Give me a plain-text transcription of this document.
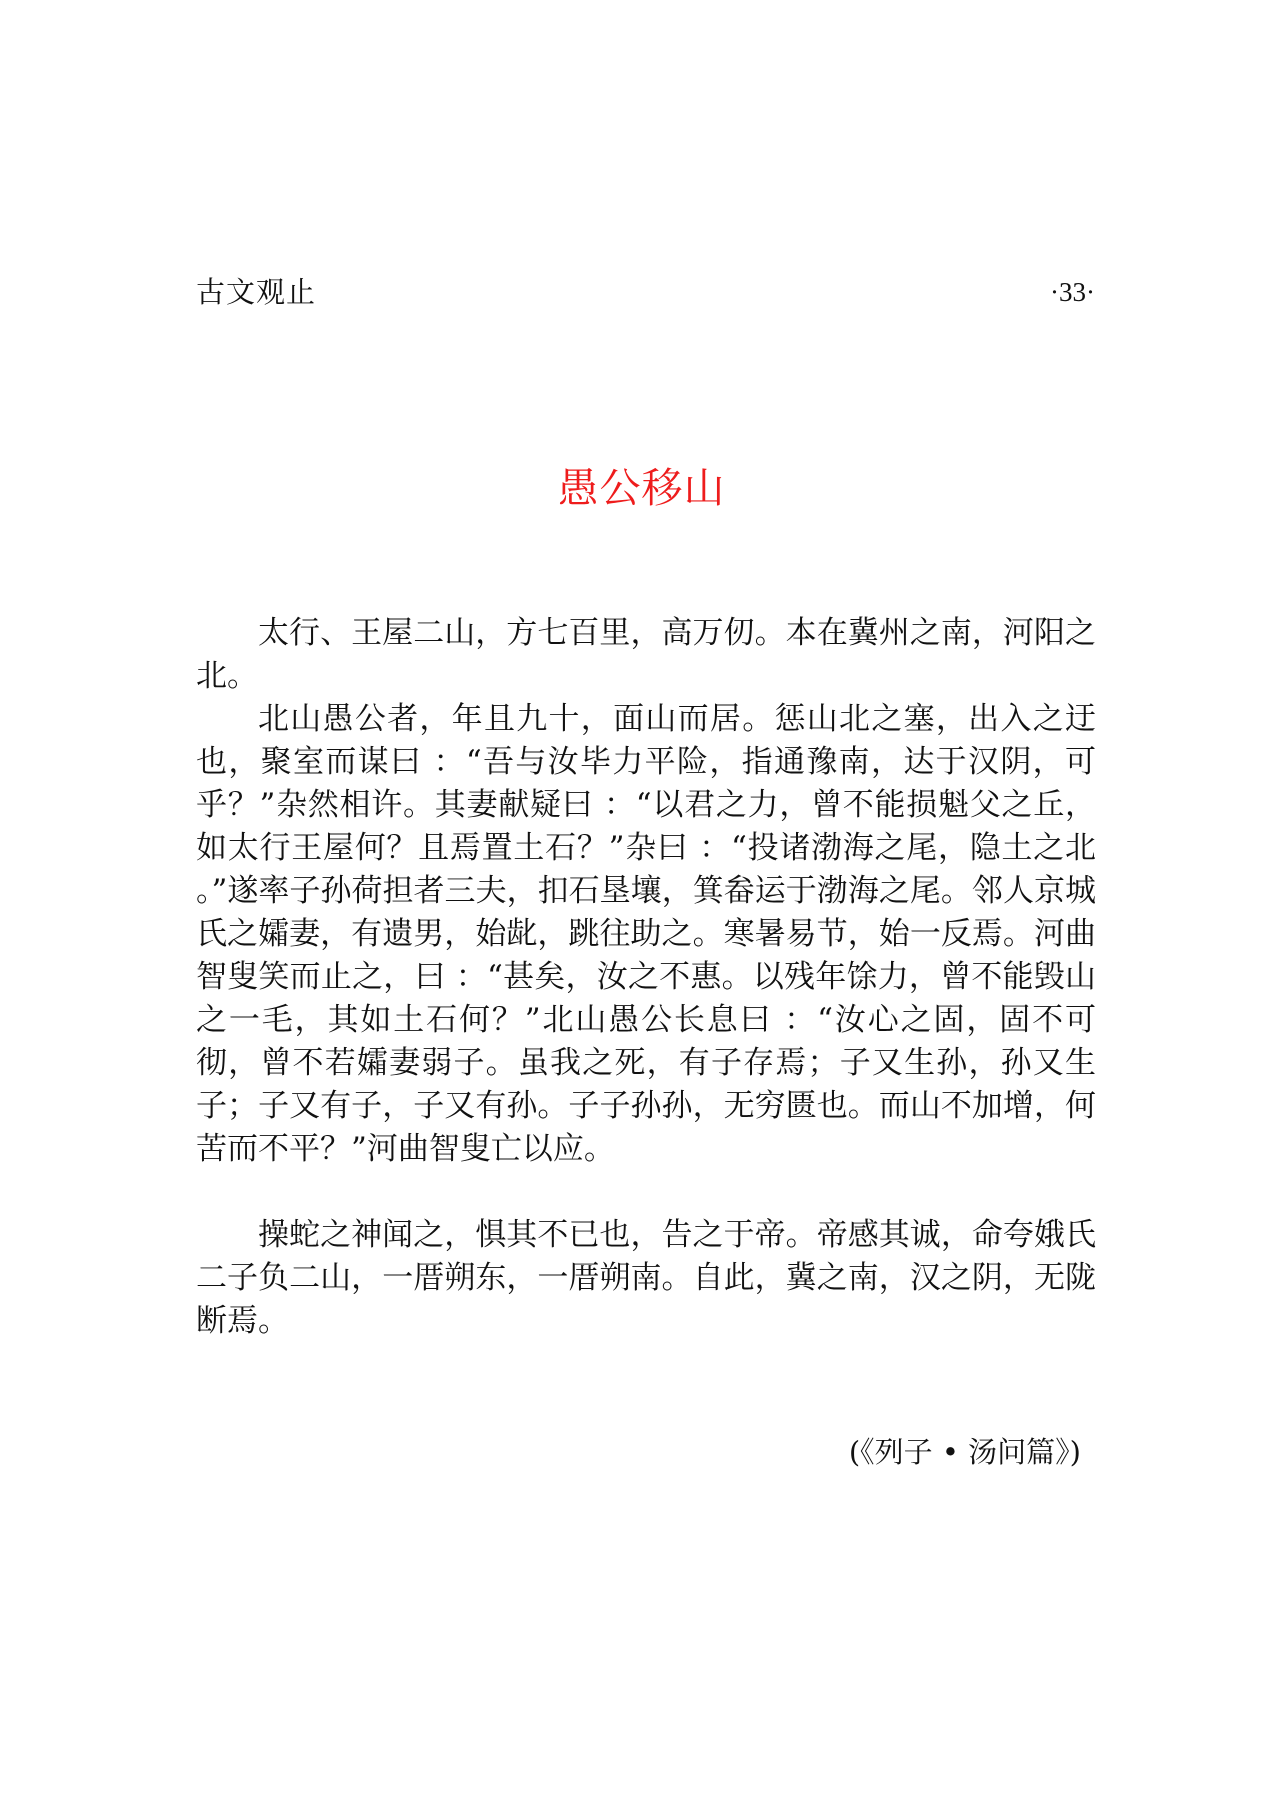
古文观止	·33·
愚公移山

太行、王屋二山，方七百里，高万仞。本在冀州之南，河阳之北。

北山愚公者，年且九十，面山而居。惩山北之塞，出入之迂也，聚室而谋曰 ：“吾与汝毕力平险，指通豫南，达于汉阴，可乎？”杂然相许。其妻献疑曰 ：“以君之力，曾不能损魁父之丘，如太行王屋何？且焉置土石？”杂曰 ：“投诸渤海之尾，隐土之北 。”遂率子孙荷担者三夫，扣石垦壤，箕畚运于渤海之尾。邻人京城氏之孀妻，有遗男，始龀，跳往助之。寒暑易节，始一反焉。河曲智叟笑而止之，曰 ：“甚矣，汝之不惠。以残年馀力，曾不能毁山之一毛，其如土石何？”北山愚公长息曰 ：“汝心之固，固不可彻，曾不若孀妻弱子。虽我之死，有子存焉；子又生孙，孙又生子；子又有子，子又有孙。子子孙孙，无穷匮也。而山不加增，何苦而不平？”河曲智叟亡以应。

操蛇之神闻之，惧其不已也，告之于帝。帝感其诚，命夸娥氏二子负二山，一厝朔东，一厝朔南。自此，冀之南，汉之阴，无陇断焉。

(《列子 • 汤问篇》)
